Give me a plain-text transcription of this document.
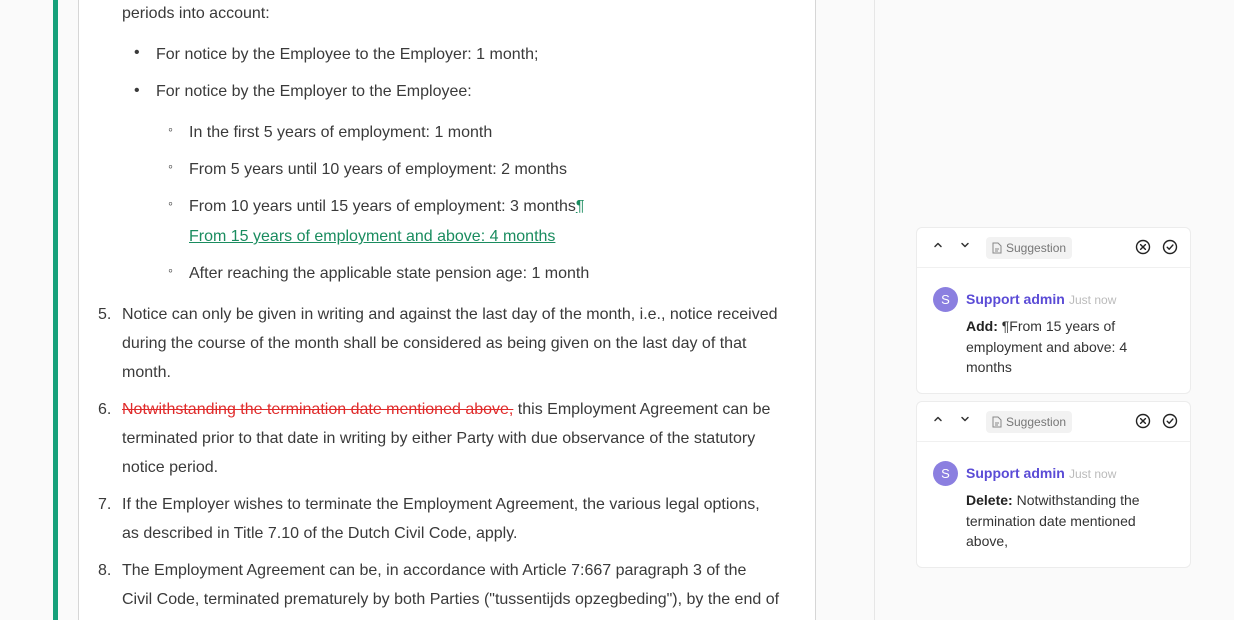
periods into account:
• For notice by the Employee to the Employer: 1 month;
• For notice by the Employer to the Employee:
◦ In the first 5 years of employment: 1 month
◦ From 5 years until 10 years of employment: 2 months
◦ From 10 years until 15 years of employment: 3 months¶
From 15 years of employment and above: 4 months
◦ After reaching the applicable state pension age: 1 month
5. Notice can only be given in writing and against the last day of the month, i.e., notice received
during the course of the month shall be considered as being given on the last day of that
month.
6. Notwithstanding the termination date mentioned above, this Employment Agreement can be
terminated prior to that date in writing by either Party with due observance of the statutory
notice period.
7. If the Employer wishes to terminate the Employment Agreement, the various legal options,
as described in Title 7.10 of the Dutch Civil Code, apply.
8. The Employment Agreement can be, in accordance with Article 7:667 paragraph 3 of the
Civil Code, terminated prematurely by both Parties ("tussentijds opzegbeding"), by the end of
Suggestion
S	Support admin Just now
Add: ¶From 15 years of employment and above: 4 months
Suggestion
S	Support admin Just now
Delete: Notwithstanding the termination date mentioned above,
